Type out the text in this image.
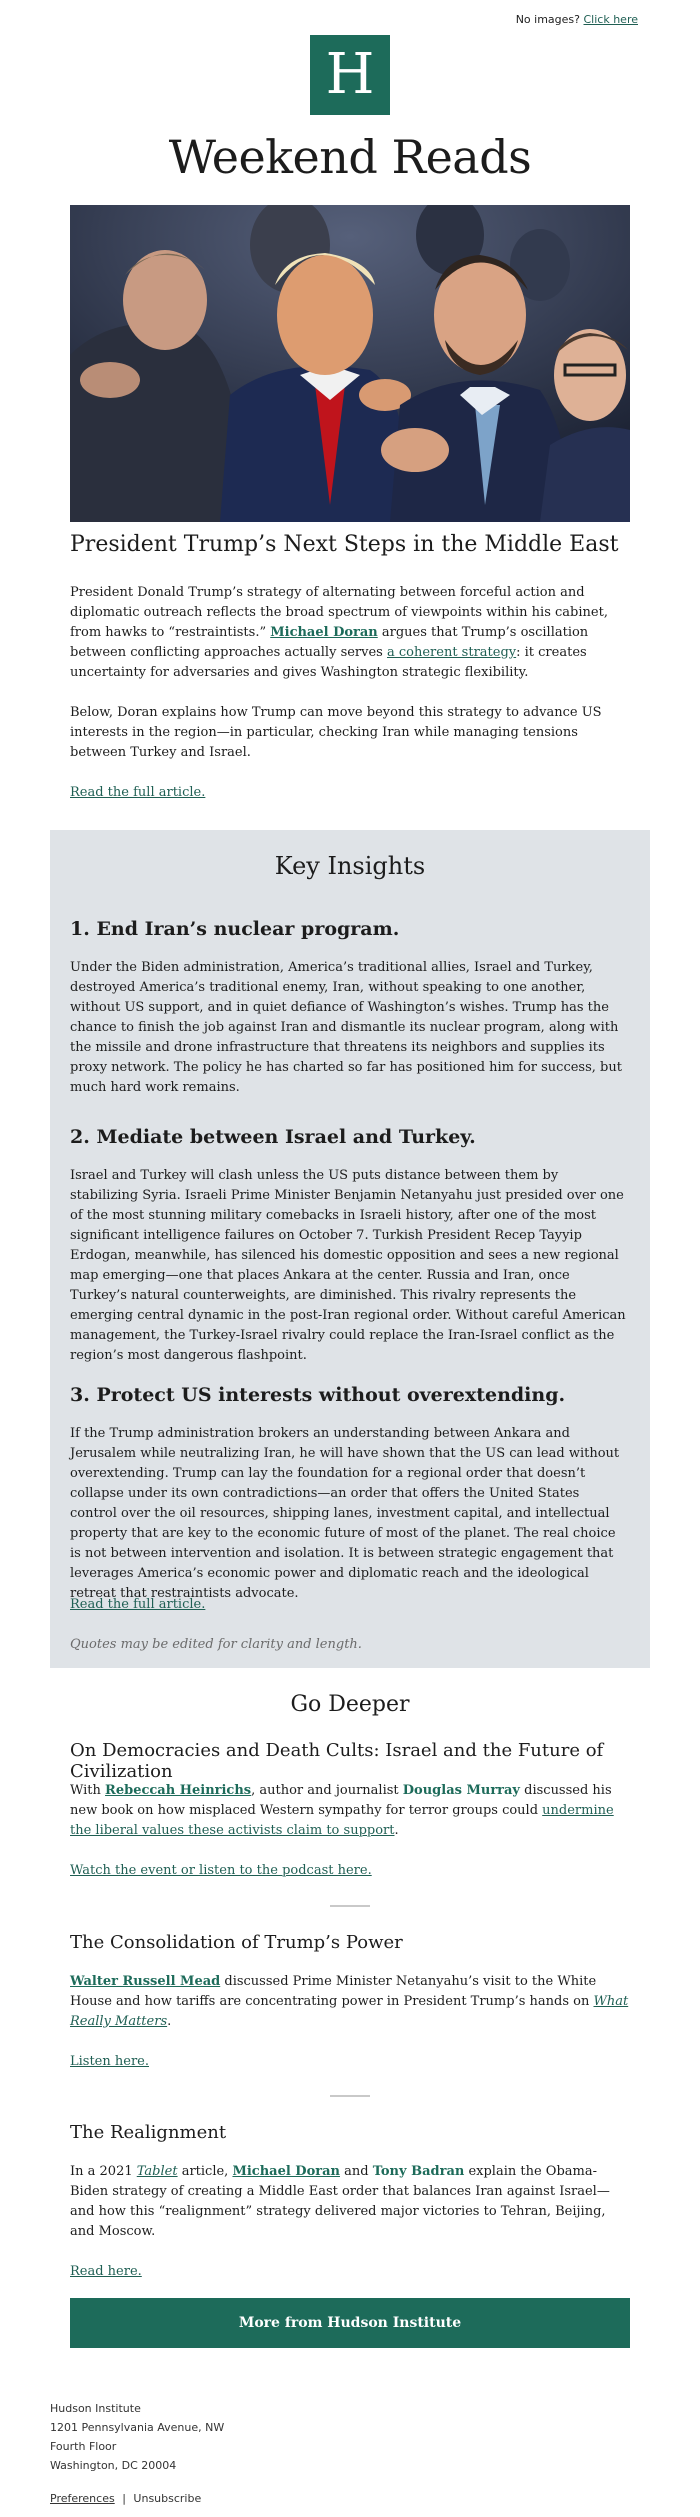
No images? Click here
H
Weekend Reads
President Trump’s Next Steps in the Middle East

President Donald Trump’s strategy of alternating between forceful action and diplomatic outreach reflects the broad spectrum of viewpoints within his cabinet, from hawks to “restraintists.” Michael Doran argues that Trump’s oscillation between conflicting approaches actually serves a coherent strategy: it creates uncertainty for adversaries and gives Washington strategic flexibility.

Below, Doran explains how Trump can move beyond this strategy to advance US interests in the region—in particular, checking Iran while managing tensions between Turkey and Israel.

Read the full article.

Key Insights
1. End Iran’s nuclear program.

Under the Biden administration, America’s traditional allies, Israel and Turkey, destroyed America’s traditional enemy, Iran, without speaking to one another, without US support, and in quiet defiance of Washington’s wishes. Trump has the chance to finish the job against Iran and dismantle its nuclear program, along with the missile and drone infrastructure that threatens its neighbors and supplies its proxy network. The policy he has charted so far has positioned him for success, but much hard work remains.

2. Mediate between Israel and Turkey.

Israel and Turkey will clash unless the US puts distance between them by stabilizing Syria. Israeli Prime Minister Benjamin Netanyahu just presided over one of the most stunning military comebacks in Israeli history, after one of the most significant intelligence failures on October 7. Turkish President Recep Tayyip Erdogan, meanwhile, has silenced his domestic opposition and sees a new regional map emerging—one that places Ankara at the center. Russia and Iran, once Turkey’s natural counterweights, are diminished. This rivalry represents the emerging central dynamic in the post-Iran regional order. Without careful American management, the Turkey-Israel rivalry could replace the Iran-Israel conflict as the region’s most dangerous flashpoint.

3. Protect US interests without overextending.

If the Trump administration brokers an understanding between Ankara and Jerusalem while neutralizing Iran, he will have shown that the US can lead without overextending. Trump can lay the foundation for a regional order that doesn’t collapse under its own contradictions—an order that offers the United States control over the oil resources, shipping lanes, investment capital, and intellectual property that are key to the economic future of most of the planet. The real choice is not between intervention and isolation. It is between strategic engagement that leverages America’s economic power and diplomatic reach and the ideological retreat that restraintists advocate.

Read the full article.

Quotes may be edited for clarity and length.

Go Deeper
On Democracies and Death Cults: Israel and the Future of Civilization

With Rebeccah Heinrichs, author and journalist Douglas Murray discussed his new book on how misplaced Western sympathy for terror groups could undermine the liberal values these activists claim to support.

Watch the event or listen to the podcast here.

The Consolidation of Trump’s Power

Walter Russell Mead discussed Prime Minister Netanyahu’s visit to the White House and how tariffs are concentrating power in President Trump’s hands on What Really Matters.

Listen here.

The Realignment

In a 2021 Tablet article, Michael Doran and Tony Badran explain the Obama-Biden strategy of creating a Middle East order that balances Iran against Israel—and how this “realignment” strategy delivered major victories to Tehran, Beijing, and Moscow.

Read here.

More from Hudson Institute
Hudson Institute
1201 Pennsylvania Avenue, NW
Fourth Floor
Washington, DC 20004
Preferences | Unsubscribe
